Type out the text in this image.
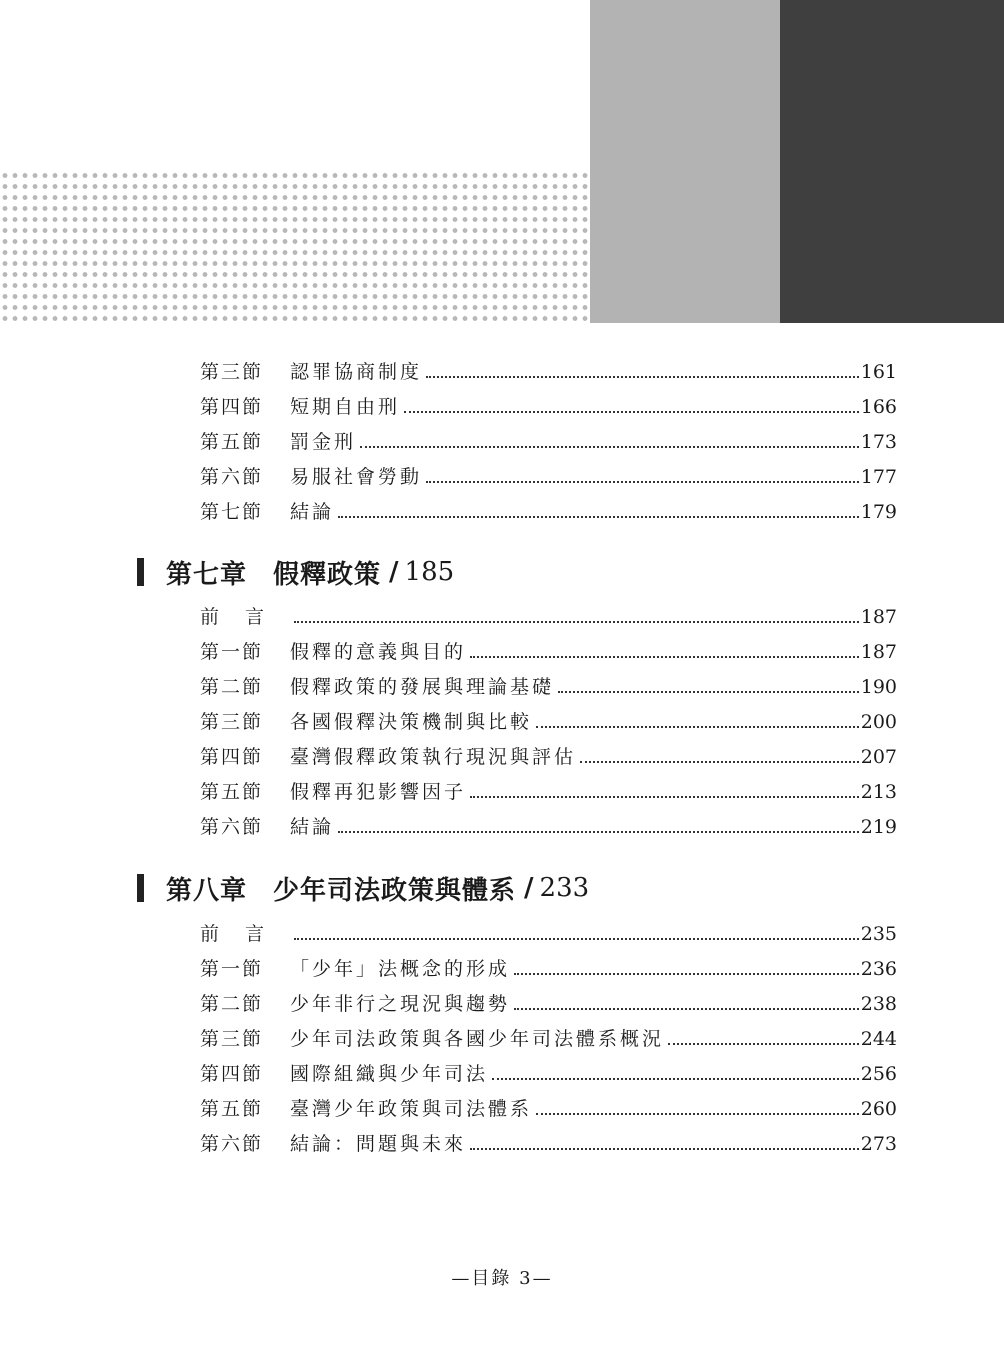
第三節	認罪協商制度	161
第四節	短期自由刑	166
第五節	罰金刑	173
第六節	易服社會勞動	177
第七節	結論	179
第七章 假釋政策 / 185
前言	187
第一節	假釋的意義與目的	187
第二節	假釋政策的發展與理論基礎	190
第三節	各國假釋決策機制與比較	200
第四節	臺灣假釋政策執行現況與評估	207
第五節	假釋再犯影響因子	213
第六節	結論	219
第八章 少年司法政策與體系 / 233
前言	235
第一節	「少年」法概念的形成	236
第二節	少年非行之現況與趨勢	238
第三節	少年司法政策與各國少年司法體系概況	244
第四節	國際組織與少年司法	256
第五節	臺灣少年政策與司法體系	260
第六節	結論：問題與未來	273
—目錄 3—
